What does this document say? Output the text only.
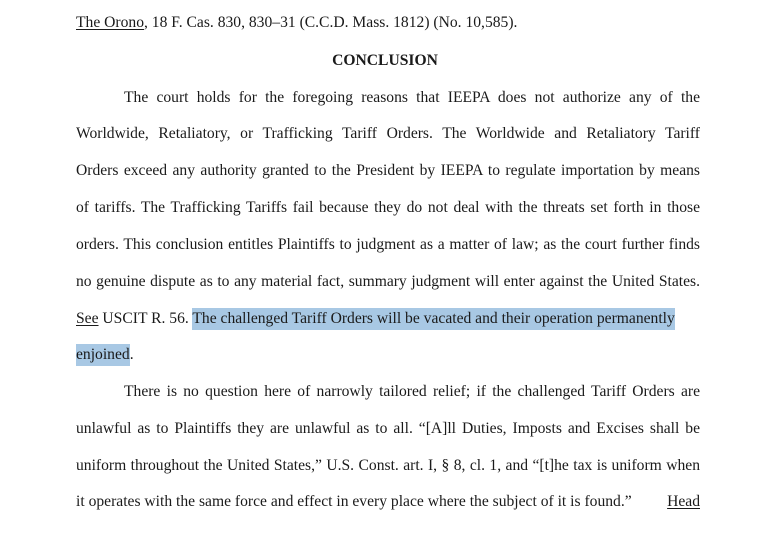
The Orono, 18 F. Cas. 830, 830–31 (C.C.D. Mass. 1812) (No. 10,585).
CONCLUSION
The court holds for the foregoing reasons that IEEPA does not authorize any of the
Worldwide, Retaliatory, or Trafficking Tariff Orders. The Worldwide and Retaliatory Tariff
Orders exceed any authority granted to the President by IEEPA to regulate importation by means
of tariffs. The Trafficking Tariffs fail because they do not deal with the threats set forth in those
orders. This conclusion entitles Plaintiffs to judgment as a matter of law; as the court further finds
no genuine dispute as to any material fact, summary judgment will enter against the United States.
See USCIT R. 56. The challenged Tariff Orders will be vacated and their operation permanently
enjoined.
There is no question here of narrowly tailored relief; if the challenged Tariff Orders are
unlawful as to Plaintiffs they are unlawful as to all. “[A]ll Duties, Imposts and Excises shall be
uniform throughout the United States,” U.S. Const. art. I, § 8, cl. 1, and “[t]he tax is uniform when
it operates with the same force and effect in every place where the subject of it is found.” Head
